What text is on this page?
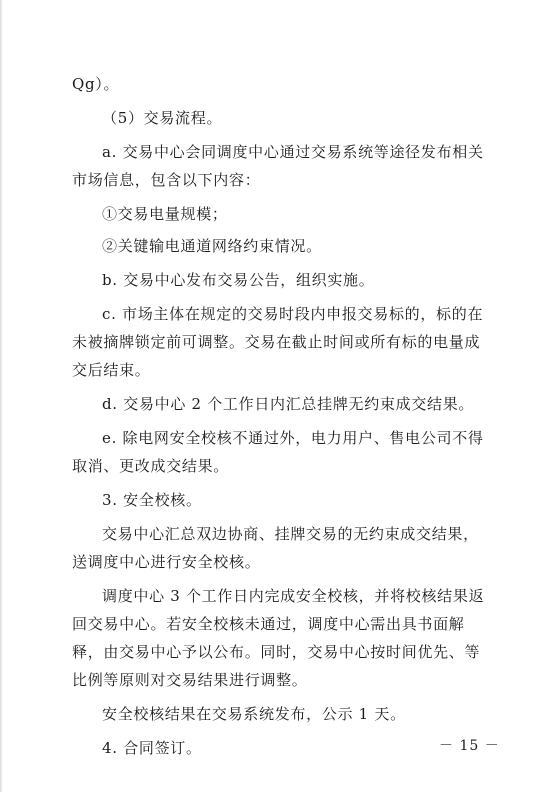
Qg）。

（5）交易流程。

a. 交易中心会同调度中心通过交易系统等途径发布相关市场信息，包含以下内容：

①交易电量规模；

②关键输电通道网络约束情况。

b. 交易中心发布交易公告，组织实施。

c. 市场主体在规定的交易时段内申报交易标的，标的在未被摘牌锁定前可调整。交易在截止时间或所有标的电量成交后结束。

d. 交易中心 2 个工作日内汇总挂牌无约束成交结果。

e. 除电网安全校核不通过外，电力用户、售电公司不得取消、更改成交结果。

3. 安全校核。

交易中心汇总双边协商、挂牌交易的无约束成交结果，送调度中心进行安全校核。

调度中心 3 个工作日内完成安全校核，并将校核结果返回交易中心。若安全校核未通过，调度中心需出具书面解释，由交易中心予以公布。同时，交易中心按时间优先、等比例等原则对交易结果进行调整。

安全校核结果在交易系统发布，公示 1 天。

4. 合同签订。	－ 15 －
